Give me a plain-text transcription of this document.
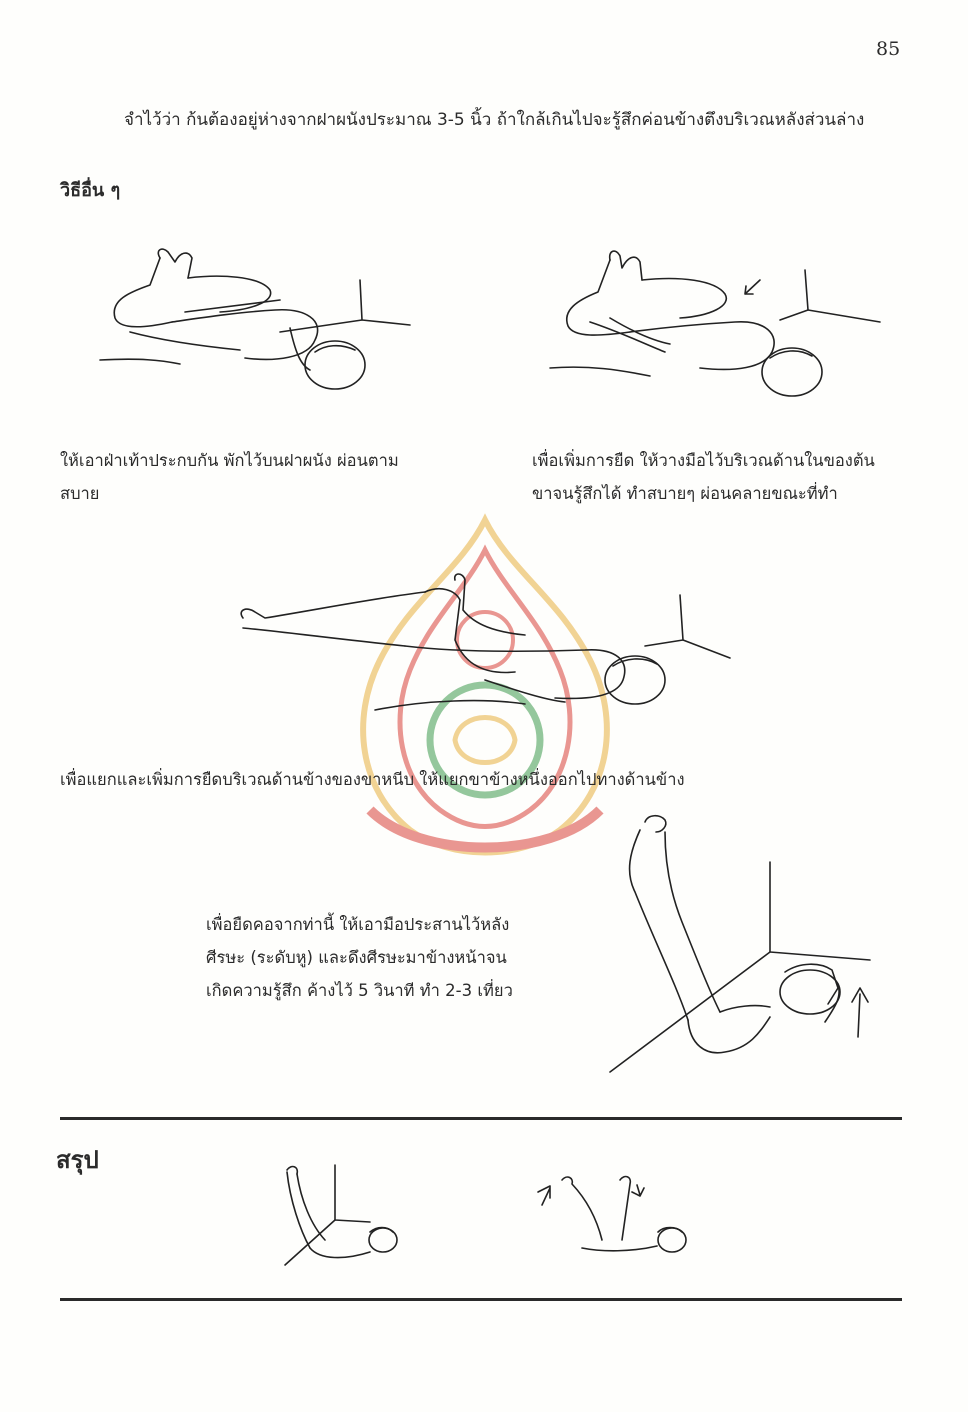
85
จำไว้ว่า ก้นต้องอยู่ห่างจากฝาผนังประมาณ 3-5 นิ้ว ถ้าใกล้เกินไปจะรู้สึกค่อนข้างตึงบริเวณหลังส่วนล่าง
วิธีอื่น ๆ
ให้เอาฝ่าเท้าประกบกัน พักไว้บนฝาผนัง ผ่อนตาม
สบาย
เพื่อเพิ่มการยืด ให้วางมือไว้บริเวณด้านในของต้น
ขาจนรู้สึกได้ ทำสบายๆ ผ่อนคลายขณะที่ทำ
เพื่อแยกและเพิ่มการยืดบริเวณด้านข้างของขาหนีบ ให้แยกขาข้างหนึ่งออกไปทางด้านข้าง
เพื่อยืดคอจากท่านี้ ให้เอามือประสานไว้หลัง
ศีรษะ (ระดับหู) และดึงศีรษะมาข้างหน้าจน
เกิดความรู้สึก ค้างไว้ 5 วินาที ทำ 2-3 เที่ยว
สรุป
